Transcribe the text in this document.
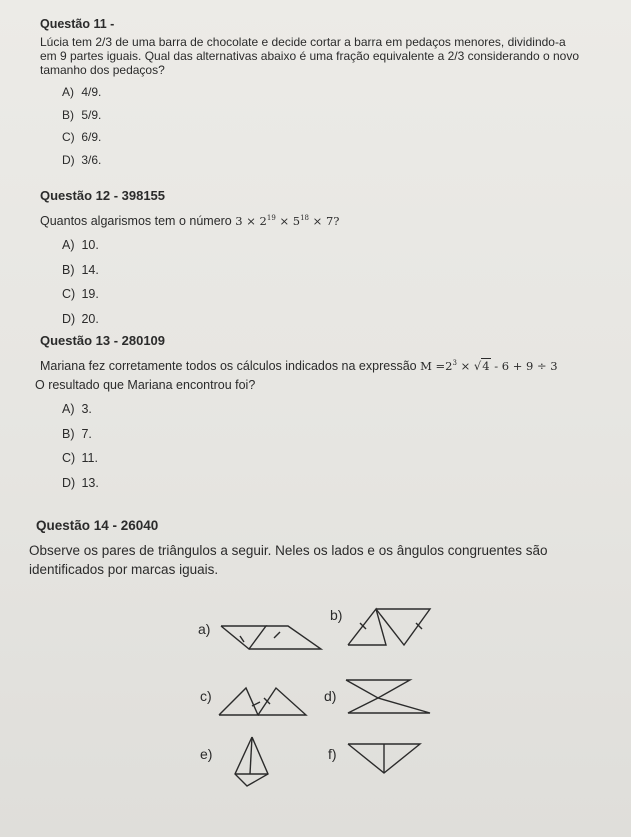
Questão 11 -
Lúcia tem 2/3 de uma barra de chocolate e decide cortar a barra em pedaços menores, dividindo-a em 9 partes iguais. Qual das alternativas abaixo é uma fração equivalente a 2/3 considerando o novo tamanho dos pedaços?
A)
4/9.
B)
5/9.
C)
6/9.
D)
3/6.
Questão 12 - 398155
Quantos algarismos tem o número $3 \times 2^{19} \times 5^{18} \times 7$?
A)
10.
B)
14.
C)
19.
D)
20.
Questão 13 - 280109
Mariana fez corretamente todos os cálculos indicados na expressão $M =2^3 \times √4 - 6 + 9 \div 3$
O resultado que Mariana encontrou foi?
A)
3.
B)
7.
C)
11.
D)
13.
Questão 14 - 26040
Observe os pares de triângulos a seguir. Neles os lados e os ângulos congruentes são identificados por marcas iguais.
a)
b)
c)	d)
e)	f)
